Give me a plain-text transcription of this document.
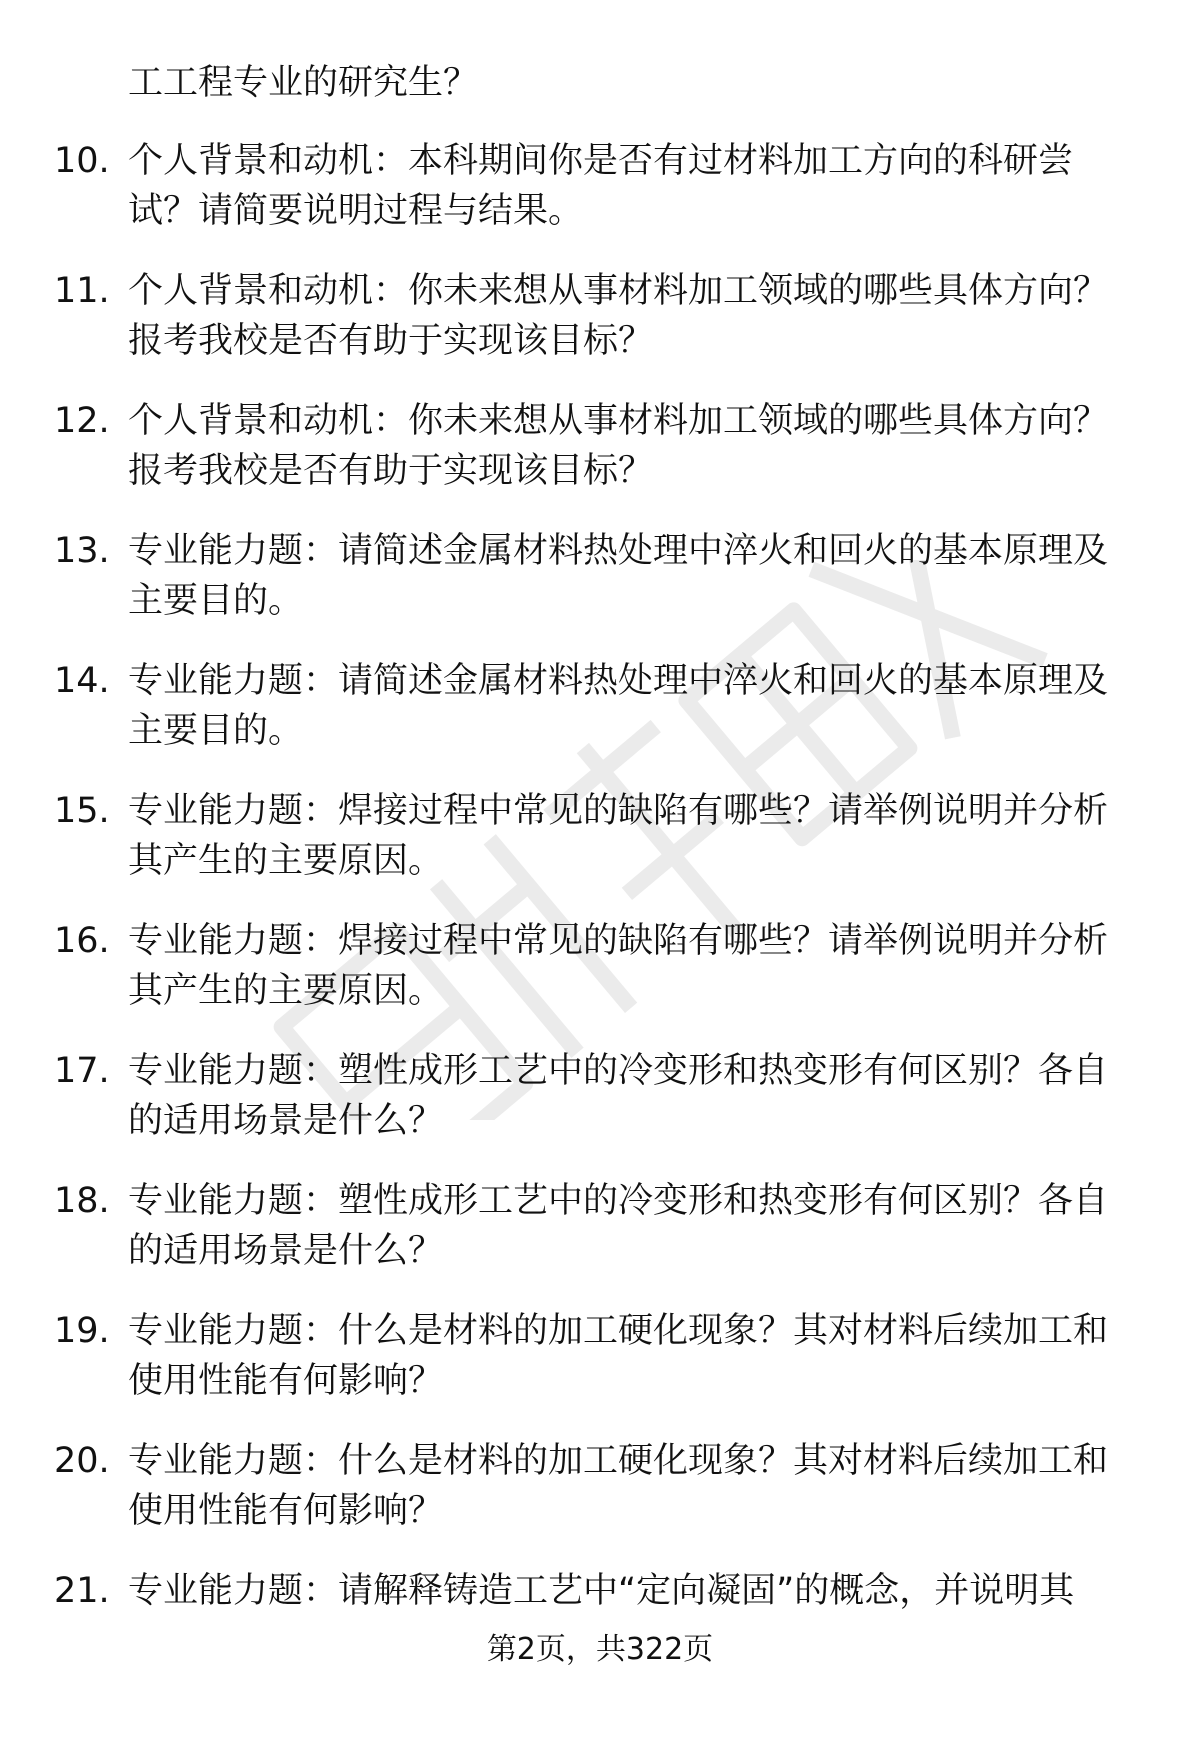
工工程专业的研究生？
10. 个人背景和动机：本科期间你是否有过材料加工方向的科研尝试？请简要说明过程与结果。
11. 个人背景和动机：你未来想从事材料加工领域的哪些具体方向？报考我校是否有助于实现该目标？
12. 个人背景和动机：你未来想从事材料加工领域的哪些具体方向？报考我校是否有助于实现该目标？
13. 专业能力题：请简述金属材料热处理中淬火和回火的基本原理及主要目的。
14. 专业能力题：请简述金属材料热处理中淬火和回火的基本原理及主要目的。
15. 专业能力题：焊接过程中常见的缺陷有哪些？请举例说明并分析其产生的主要原因。
16. 专业能力题：焊接过程中常见的缺陷有哪些？请举例说明并分析其产生的主要原因。
17. 专业能力题：塑性成形工艺中的冷变形和热变形有何区别？各自的适用场景是什么？
18. 专业能力题：塑性成形工艺中的冷变形和热变形有何区别？各自的适用场景是什么？
19. 专业能力题：什么是材料的加工硬化现象？其对材料后续加工和使用性能有何影响？
20. 专业能力题：什么是材料的加工硬化现象？其对材料后续加工和使用性能有何影响？
21. 专业能力题：请解释铸造工艺中“定向凝固”的概念，并说明其
第2页，共322页
